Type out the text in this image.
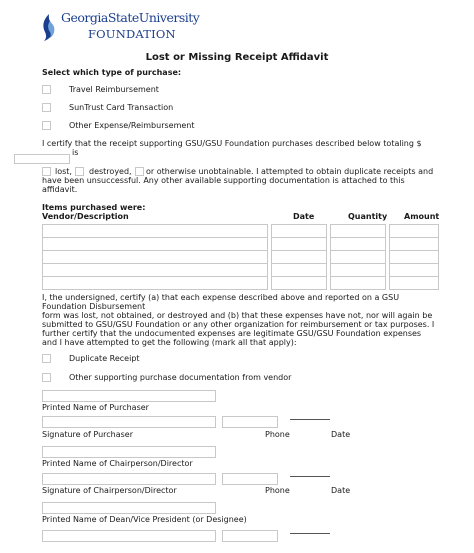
GeorgiaStateUniversity
FOUNDATION
Lost or Missing Receipt Affidavit
Select which type of purchase:
Travel Reimbursement
SunTrust Card Transaction
Other Expense/Reimbursement
I certify that the receipt supporting GSU/GSU Foundation purchases described below totaling $
is
lost, destroyed, or otherwise unobtainable. I attempted to obtain duplicate receipts and
have been unsuccessful. Any other available supporting documentation is attached to this
affidavit.
Items purchased were:
Vendor/Description	Date	Quantity Amount
I, the undersigned, certify (a) that each expense described above and reported on a GSU
Foundation Disbursement
form was lost, not obtained, or destroyed and (b) that these expenses have not, nor will again be
submitted to GSU/GSU Foundation or any other organization for reimbursement or tax purposes. I
further certify that the undocumented expenses are legitimate GSU/GSU Foundation expenses
and I have attempted to get the following (mark all that apply):
Duplicate Receipt
Other supporting purchase documentation from vendor
Printed Name of Purchaser
Signature of Purchaser	Phone	Date
Printed Name of Chairperson/Director
Signature of Chairperson/Director	Phone	Date
Printed Name of Dean/Vice President (or Designee)
